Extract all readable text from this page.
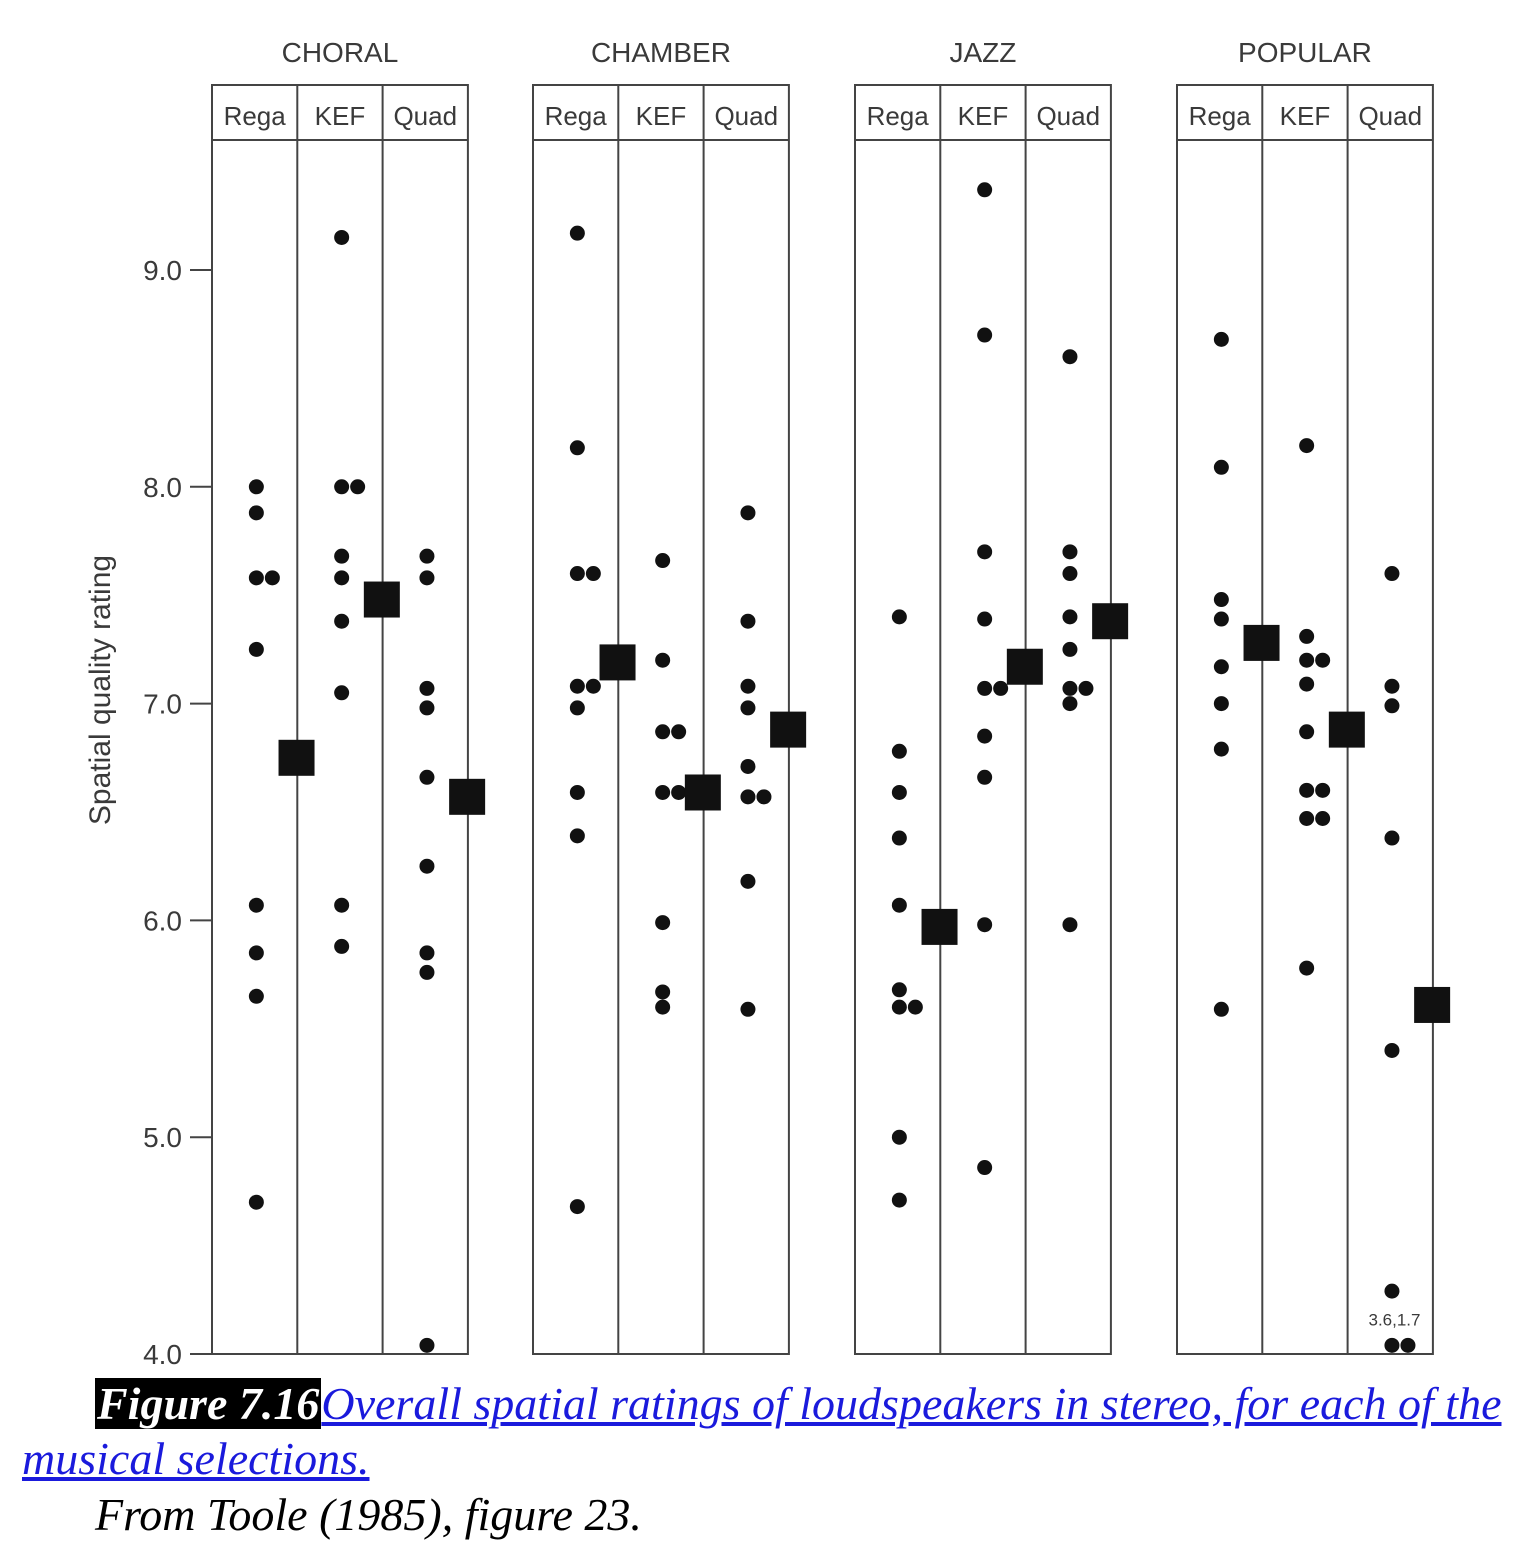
Spatial quality rating
4.0
5.0
6.0
7.0
8.0
9.0
CHORAL
Rega KEF Quad
CHAMBER
Rega KEF Quad
JAZZ
Rega KEF Quad
POPULAR
Rega KEF Quad
3.6,1.7
Figure 7.16Overall spatial ratings of loudspeakers in stereo, for each of the musical selections.
From Toole (1985), figure 23.
